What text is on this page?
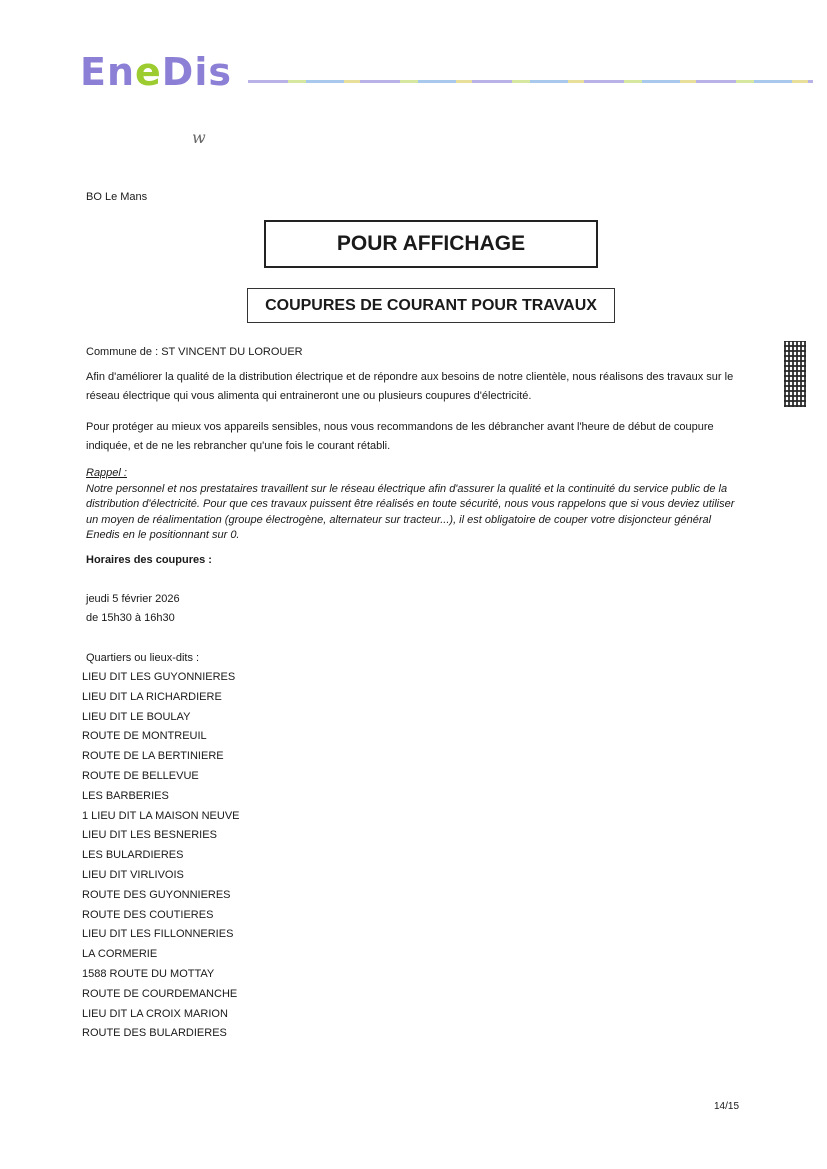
EneDis
w
BO Le Mans
POUR AFFICHAGE
COUPURES DE COURANT POUR TRAVAUX
Commune de : ST VINCENT DU LOROUER
Afin d'améliorer la qualité de la distribution électrique et de répondre aux besoins de notre clientèle, nous réalisons des travaux sur le réseau électrique qui vous alimenta qui entraineront une ou plusieurs coupures d'électricité.
Pour protéger au mieux vos appareils sensibles, nous vous recommandons de les débrancher avant l'heure de début de coupure indiquée, et de ne les rebrancher qu'une fois le courant rétabli.
Rappel :
Notre personnel et nos prestataires travaillent sur le réseau électrique afin d'assurer la qualité et la continuité du service public de la distribution d'électricité. Pour que ces travaux puissent être réalisés en toute sécurité, nous vous rappelons que si vous deviez utiliser un moyen de réalimentation (groupe électrogène, alternateur sur tracteur...), il est obligatoire de couper votre disjoncteur général Enedis en le positionnant sur 0.
Horaires des coupures :
jeudi 5 février 2026
de 15h30 à 16h30
Quartiers ou lieux-dits :
LIEU DIT LES GUYONNIERES
LIEU DIT LA RICHARDIERE
LIEU DIT LE BOULAY
ROUTE DE MONTREUIL
ROUTE DE LA BERTINIERE
ROUTE DE BELLEVUE
LES BARBERIES
1 LIEU DIT LA MAISON NEUVE
LIEU DIT LES BESNERIES
LES BULARDIERES
LIEU DIT VIRLIVOIS
ROUTE DES GUYONNIERES
ROUTE DES COUTIERES
LIEU DIT LES FILLONNERIES
LA CORMERIE
1588 ROUTE DU MOTTAY
ROUTE DE COURDEMANCHE
LIEU DIT LA CROIX MARION
ROUTE DES BULARDIERES
14/15
